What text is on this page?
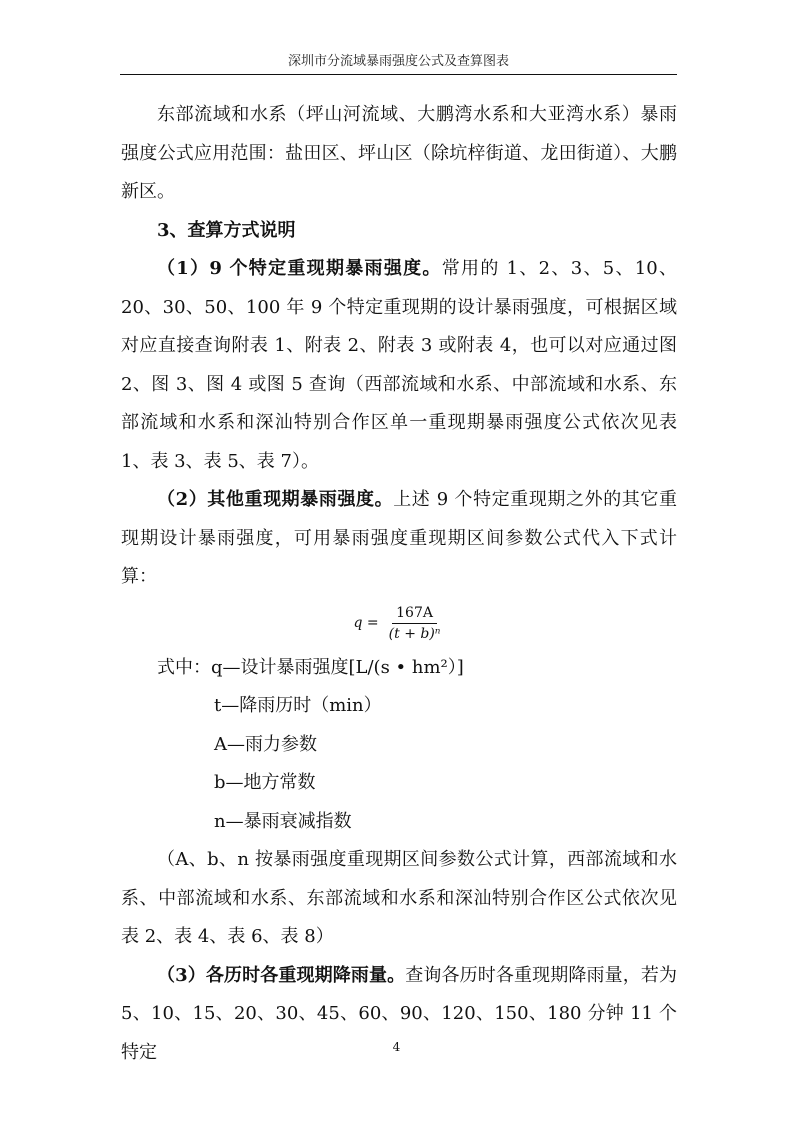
深圳市分流域暴雨强度公式及查算图表

东部流域和水系（坪山河流域、大鹏湾水系和大亚湾水系）暴雨强度公式应用范围：盐田区、坪山区（除坑梓街道、龙田街道）、大鹏新区。

3、查算方式说明

（1）9 个特定重现期暴雨强度。常用的 1、2、3、5、10、20、30、50、100 年 9 个特定重现期的设计暴雨强度，可根据区域对应直接查询附表 1、附表 2、附表 3 或附表 4，也可以对应通过图 2、图 3、图 4 或图 5 查询（西部流域和水系、中部流域和水系、东部流域和水系和深汕特别合作区单一重现期暴雨强度公式依次见表 1、表 3、表 5、表 7）。

（2）其他重现期暴雨强度。上述 9 个特定重现期之外的其它重现期设计暴雨强度，可用暴雨强度重现期区间参数公式代入下式计算：

$q = \frac{167A}{\text{(t + b)ⁿ}}$

式中：q—设计暴雨强度[L/(s • hm²）]

t—降雨历时（min）

A—雨力参数

b—地方常数

n—暴雨衰减指数

（A、b、n 按暴雨强度重现期区间参数公式计算，西部流域和水系、中部流域和水系、东部流域和水系和深汕特别合作区公式依次见表 2、表 4、表 6、表 8）

（3）各历时各重现期降雨量。查询各历时各重现期降雨量，若为 5、10、15、20、30、45、60、90、120、150、180 分钟 11 个特定	4
